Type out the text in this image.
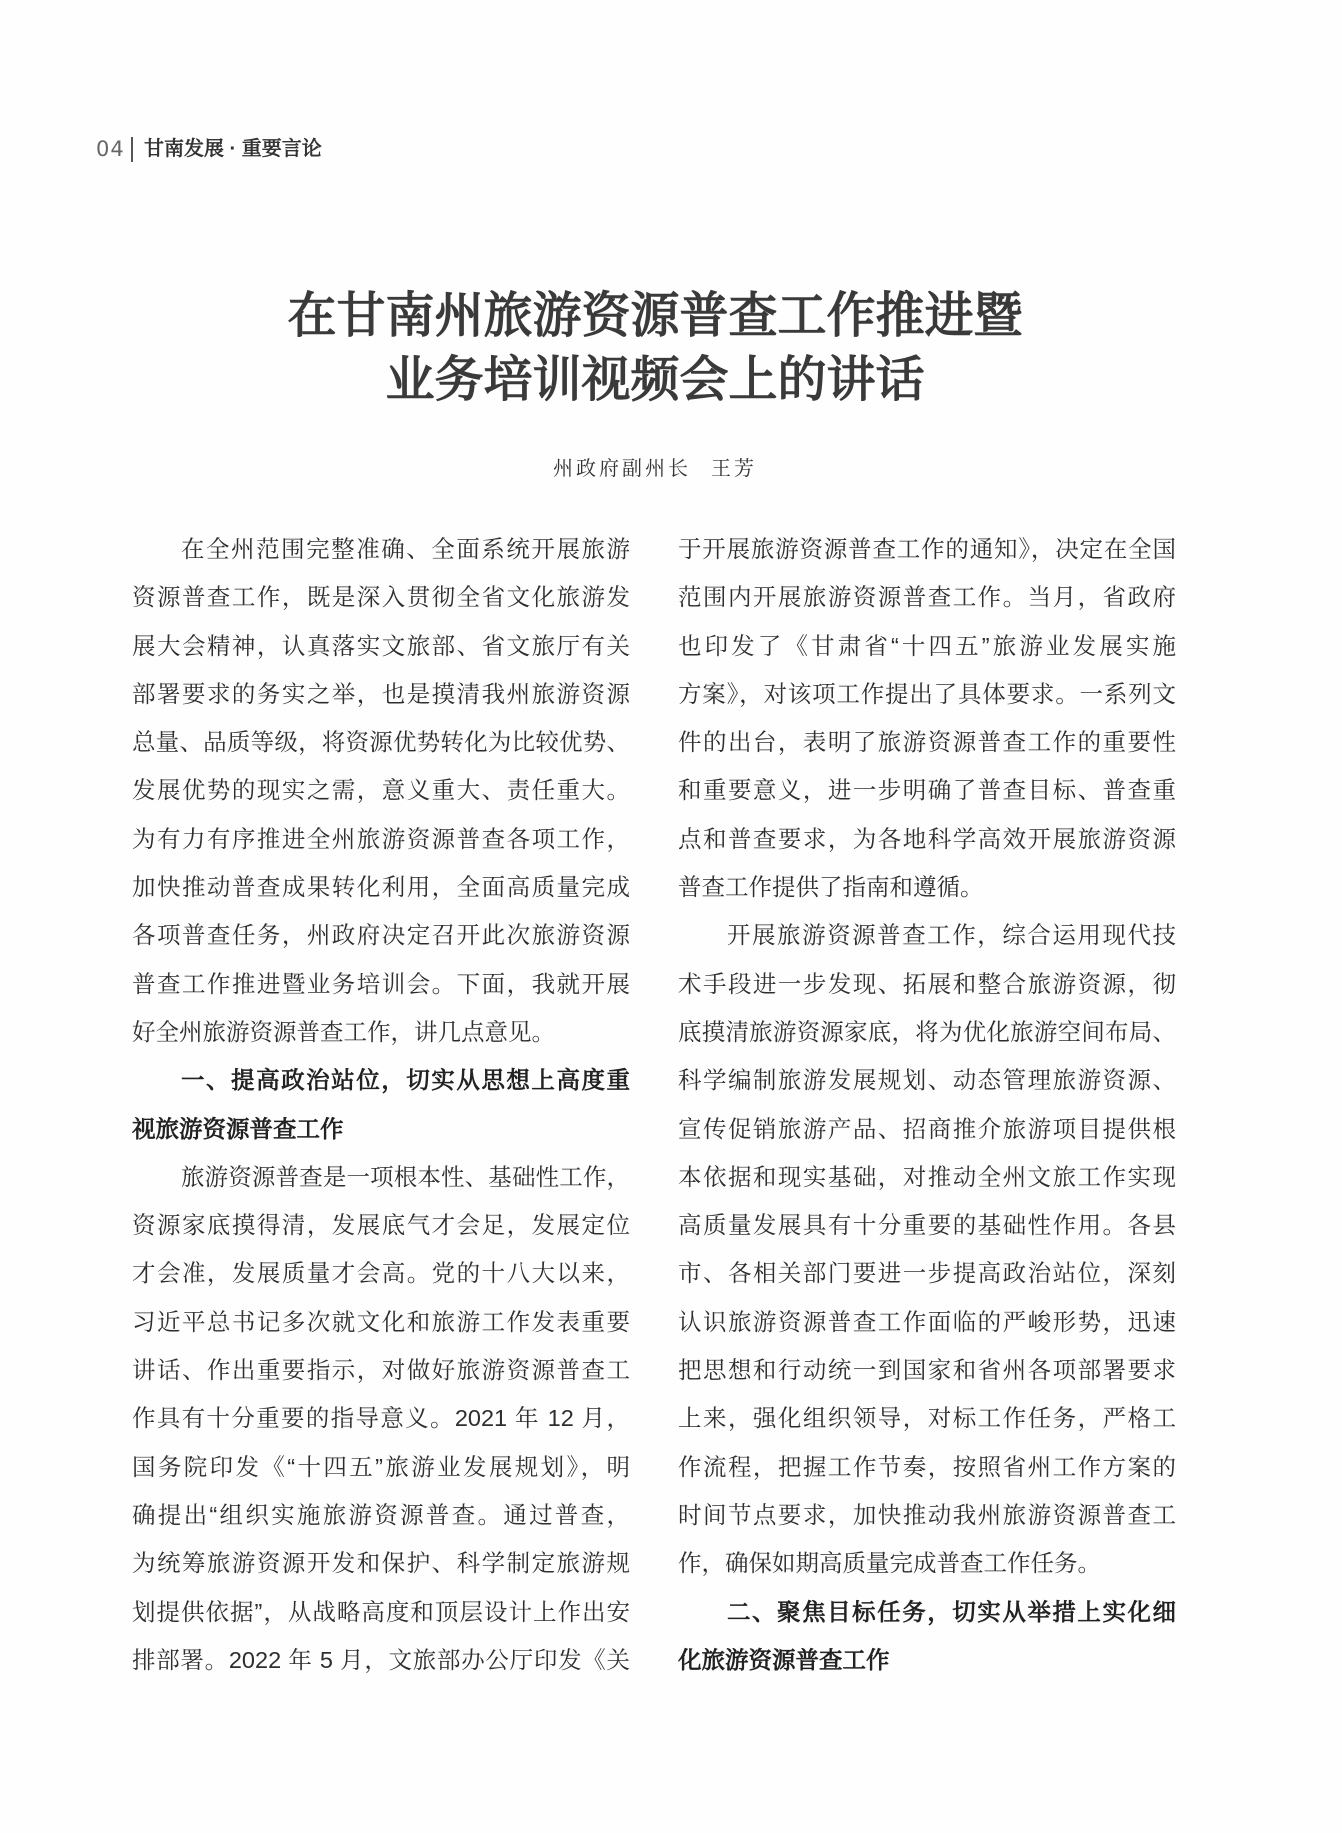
04 甘南发展 · 重要言论
在甘南州旅游资源普查工作推进暨
业务培训视频会上的讲话
州政府副州长 王芳
在全州范围完整准确、全面系统开展旅游
资源普查工作，既是深入贯彻全省文化旅游发
展大会精神，认真落实文旅部、省文旅厅有关
部署要求的务实之举，也是摸清我州旅游资源
总量、品质等级，将资源优势转化为比较优势、
发展优势的现实之需，意义重大、责任重大。
为有力有序推进全州旅游资源普查各项工作，
加快推动普查成果转化利用，全面高质量完成
各项普查任务，州政府决定召开此次旅游资源
普查工作推进暨业务培训会。下面，我就开展
好全州旅游资源普查工作，讲几点意见。
一、提高政治站位，切实从思想上高度重
视旅游资源普查工作
旅游资源普查是一项根本性、基础性工作，
资源家底摸得清，发展底气才会足，发展定位
才会准，发展质量才会高。党的十八大以来，
习近平总书记多次就文化和旅游工作发表重要
讲话、作出重要指示，对做好旅游资源普查工
作具有十分重要的指导意义。2021 年 12 月，
国务院印发《“十四五”旅游业发展规划》，明
确提出“组织实施旅游资源普查。通过普查，
为统筹旅游资源开发和保护、科学制定旅游规
划提供依据”，从战略高度和顶层设计上作出安
排部署。2022 年 5 月，文旅部办公厅印发《关
于开展旅游资源普查工作的通知》，决定在全国
范围内开展旅游资源普查工作。当月，省政府
也印发了《甘肃省“十四五”旅游业发展实施
方案》，对该项工作提出了具体要求。一系列文
件的出台，表明了旅游资源普查工作的重要性
和重要意义，进一步明确了普查目标、普查重
点和普查要求，为各地科学高效开展旅游资源
普查工作提供了指南和遵循。
开展旅游资源普查工作，综合运用现代技
术手段进一步发现、拓展和整合旅游资源，彻
底摸清旅游资源家底，将为优化旅游空间布局、
科学编制旅游发展规划、动态管理旅游资源、
宣传促销旅游产品、招商推介旅游项目提供根
本依据和现实基础，对推动全州文旅工作实现
高质量发展具有十分重要的基础性作用。各县
市、各相关部门要进一步提高政治站位，深刻
认识旅游资源普查工作面临的严峻形势，迅速
把思想和行动统一到国家和省州各项部署要求
上来，强化组织领导，对标工作任务，严格工
作流程，把握工作节奏，按照省州工作方案的
时间节点要求，加快推动我州旅游资源普查工
作，确保如期高质量完成普查工作任务。
二、聚焦目标任务，切实从举措上实化细
化旅游资源普查工作
